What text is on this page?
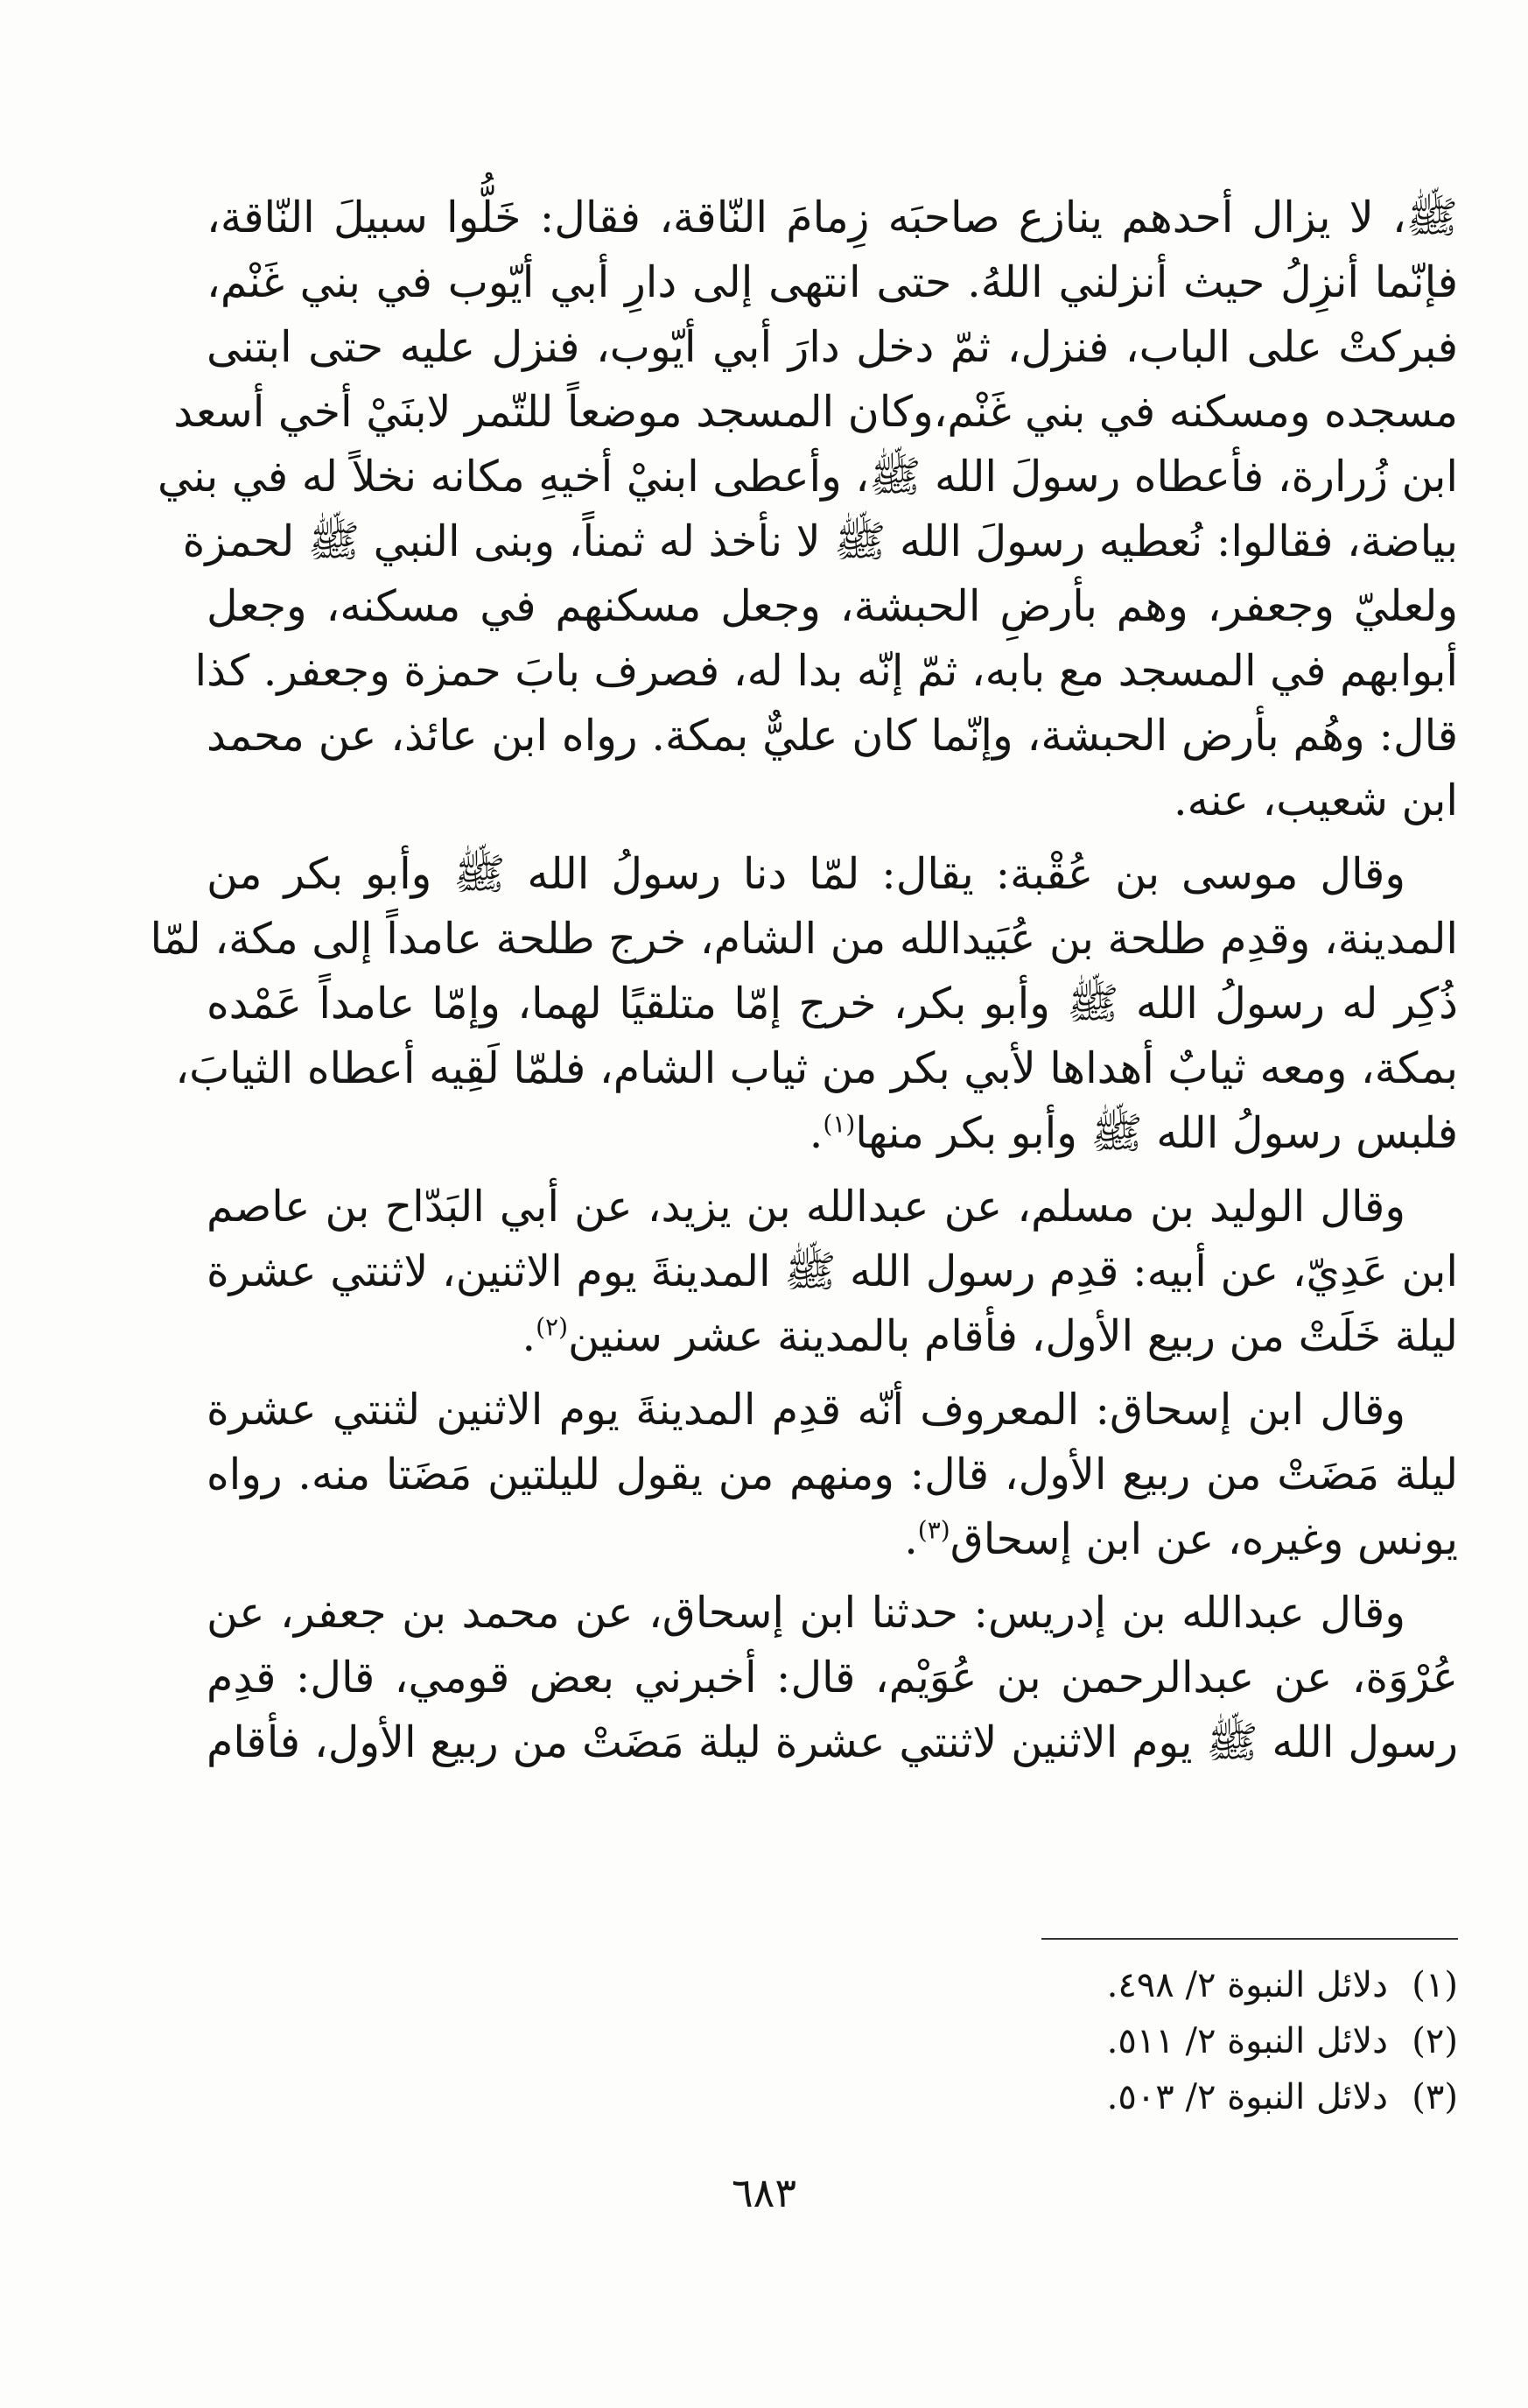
ﷺ، لا يزال أحدهم ينازع صاحبَه زِمامَ النّاقة، فقال: خَلُّوا سبيلَ النّاقة،
فإنّما أنزِلُ حيث أنزلني اللهُ. حتى انتهى إلى دارِ أبي أيّوب في بني غَنْم،
فبركتْ على الباب، فنزل، ثمّ دخل دارَ أبي أيّوب، فنزل عليه حتى ابتنى
مسجده ومسكنه في بني غَنْم،وكان المسجد موضعاً للتّمر لابنَيْ أخي أسعد
ابن زُرارة، فأعطاه رسولَ الله ﷺ، وأعطى ابنيْ أخيهِ مكانه نخلاً له في بني
بياضة، فقالوا: نُعطيه رسولَ الله ﷺ لا نأخذ له ثمناً، وبنى النبي ﷺ لحمزة
ولعليّ وجعفر، وهم بأرضِ الحبشة، وجعل مسكنهم في مسكنه، وجعل
أبوابهم في المسجد مع بابه، ثمّ إنّه بدا له، فصرف بابَ حمزة وجعفر. كذا
قال: وهُم بأرض الحبشة، وإنّما كان عليٌّ بمكة. رواه ابن عائذ، عن محمد
ابن شعيب، عنه.

وقال موسى بن عُقْبة: يقال: لمّا دنا رسولُ الله ﷺ وأبو بكر من
المدينة، وقدِم طلحة بن عُبَيدالله من الشام، خرج طلحة عامداً إلى مكة، لمّا
ذُكِر له رسولُ الله ﷺ وأبو بكر، خرج إمّا متلقيًا لهما، وإمّا عامداً عَمْده
بمكة، ومعه ثيابٌ أهداها لأبي بكر من ثياب الشام، فلمّا لَقِيه أعطاه الثيابَ،
فلبس رسولُ الله ﷺ وأبو بكر منها$^{(١)}$.

وقال الوليد بن مسلم، عن عبدالله بن يزيد، عن أبي البَدّاح بن عاصم
ابن عَدِيّ، عن أبيه: قدِم رسول الله ﷺ المدينةَ يوم الاثنين، لاثنتي عشرة
ليلة خَلَتْ من ربيع الأول، فأقام بالمدينة عشر سنين$^{(٢)}$.

وقال ابن إسحاق: المعروف أنّه قدِم المدينةَ يوم الاثنين لثنتي عشرة
ليلة مَضَتْ من ربيع الأول، قال: ومنهم من يقول لليلتين مَضَتا منه. رواه
يونس وغيره، عن ابن إسحاق$^{(٣)}$.

وقال عبدالله بن إدريس: حدثنا ابن إسحاق، عن محمد بن جعفر، عن
عُرْوَة، عن عبدالرحمن بن عُوَيْم، قال: أخبرني بعض قومي، قال: قدِم
رسول الله ﷺ يوم الاثنين لاثنتي عشرة ليلة مَضَتْ من ربيع الأول، فأقام

(١)دلائل النبوة ٢/ ٤٩٨.
(٢)دلائل النبوة ٢/ ٥١١.
(٣)دلائل النبوة ٢/ ٥٠٣.
٦٨٣
